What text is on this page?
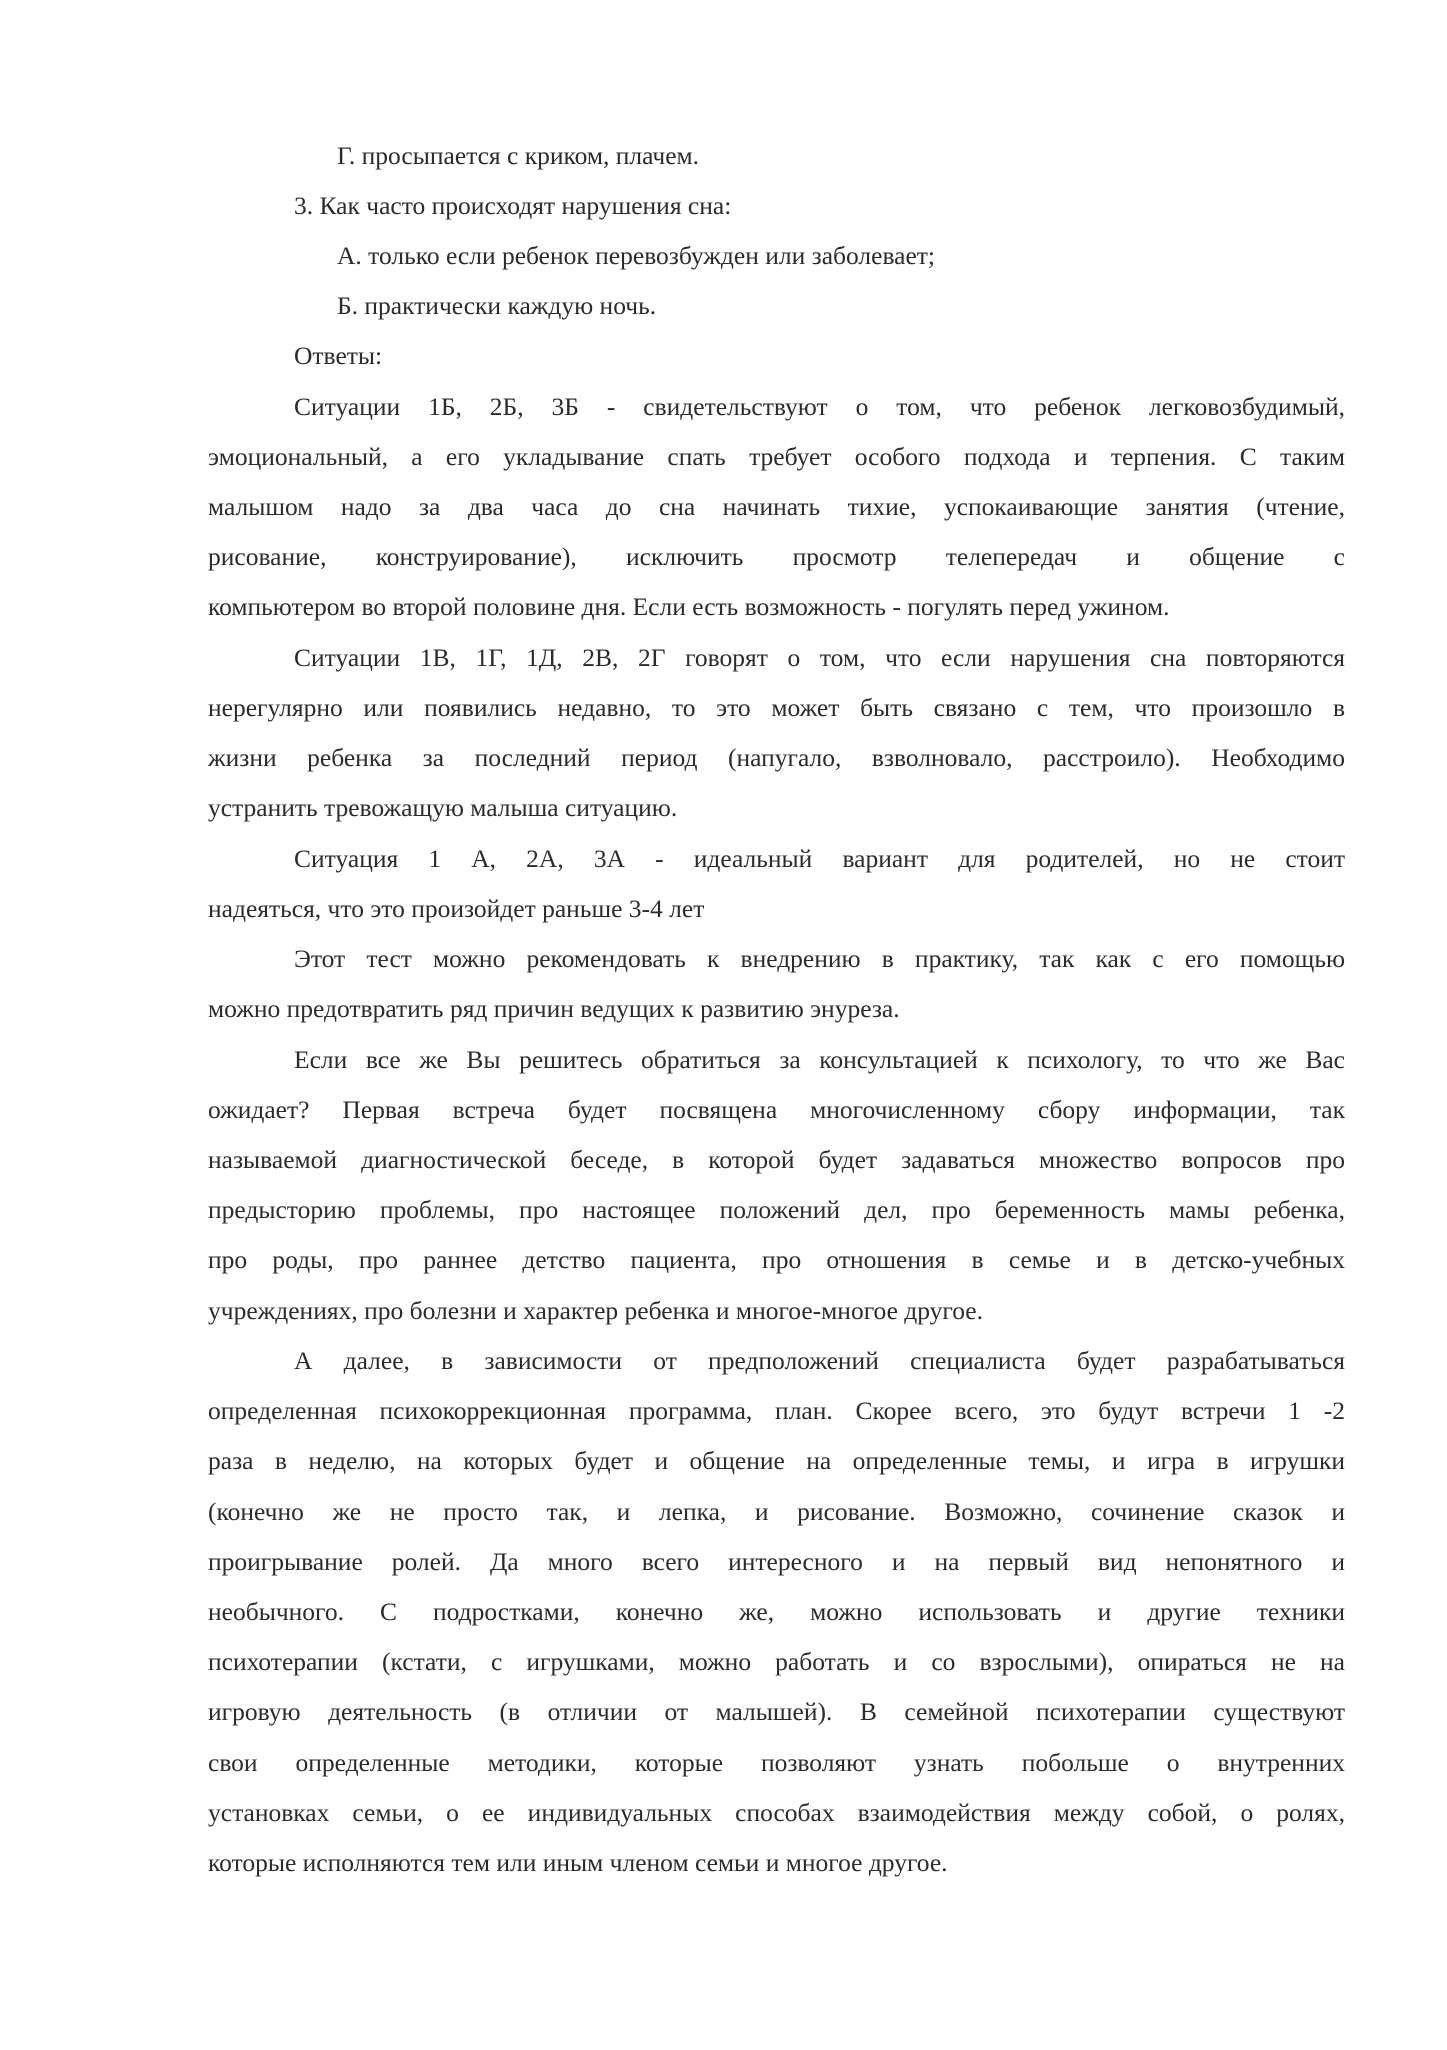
Г. просыпается с криком, плачем.
3. Как часто происходят нарушения сна:
А. только если ребенок перевозбужден или заболевает;
Б. практически каждую ночь.
Ответы:
Ситуации 1Б, 2Б, 3Б - свидетельствуют о том, что ребенок легковозбудимый,
эмоциональный, а его укладывание спать требует особого подхода и терпения. С таким
малышом надо за два часа до сна начинать тихие, успокаивающие занятия (чтение,
рисование, конструирование), исключить просмотр телепередач и общение с
компьютером во второй половине дня. Если есть возможность - погулять перед ужином.
Ситуации 1В, 1Г, 1Д, 2В, 2Г говорят о том, что если нарушения сна повторяются
нерегулярно или появились недавно, то это может быть связано с тем, что произошло в
жизни ребенка за последний период (напугало, взволновало, расстроило). Необходимо
устранить тревожащую малыша ситуацию.
Ситуация 1 А, 2А, 3А - идеальный вариант для родителей, но не стоит
надеяться, что это произойдет раньше 3-4 лет
Этот тест можно рекомендовать к внедрению в практику, так как с его помощью
можно предотвратить ряд причин ведущих к развитию энуреза.
Если все же Вы решитесь обратиться за консультацией к психологу, то что же Вас
ожидает? Первая встреча будет посвящена многочисленному сбору информации, так
называемой диагностической беседе, в которой будет задаваться множество вопросов про
предысторию проблемы, про настоящее положений дел, про беременность мамы ребенка,
про роды, про раннее детство пациента, про отношения в семье и в детско-учебных
учреждениях, про болезни и характер ребенка и многое-многое другое.
А далее, в зависимости от предположений специалиста будет разрабатываться
определенная психокоррекционная программа, план. Скорее всего, это будут встречи 1 -2
раза в неделю, на которых будет и общение на определенные темы, и игра в игрушки
(конечно же не просто так, и лепка, и рисование. Возможно, сочинение сказок и
проигрывание ролей. Да много всего интересного и на первый вид непонятного и
необычного. С подростками, конечно же, можно использовать и другие техники
психотерапии (кстати, с игрушками, можно работать и со взрослыми), опираться не на
игровую деятельность (в отличии от малышей). В семейной психотерапии существуют
свои определенные методики, которые позволяют узнать побольше о внутренних
установках семьи, о ее индивидуальных способах взаимодействия между собой, о ролях,
которые исполняются тем или иным членом семьи и многое другое.
